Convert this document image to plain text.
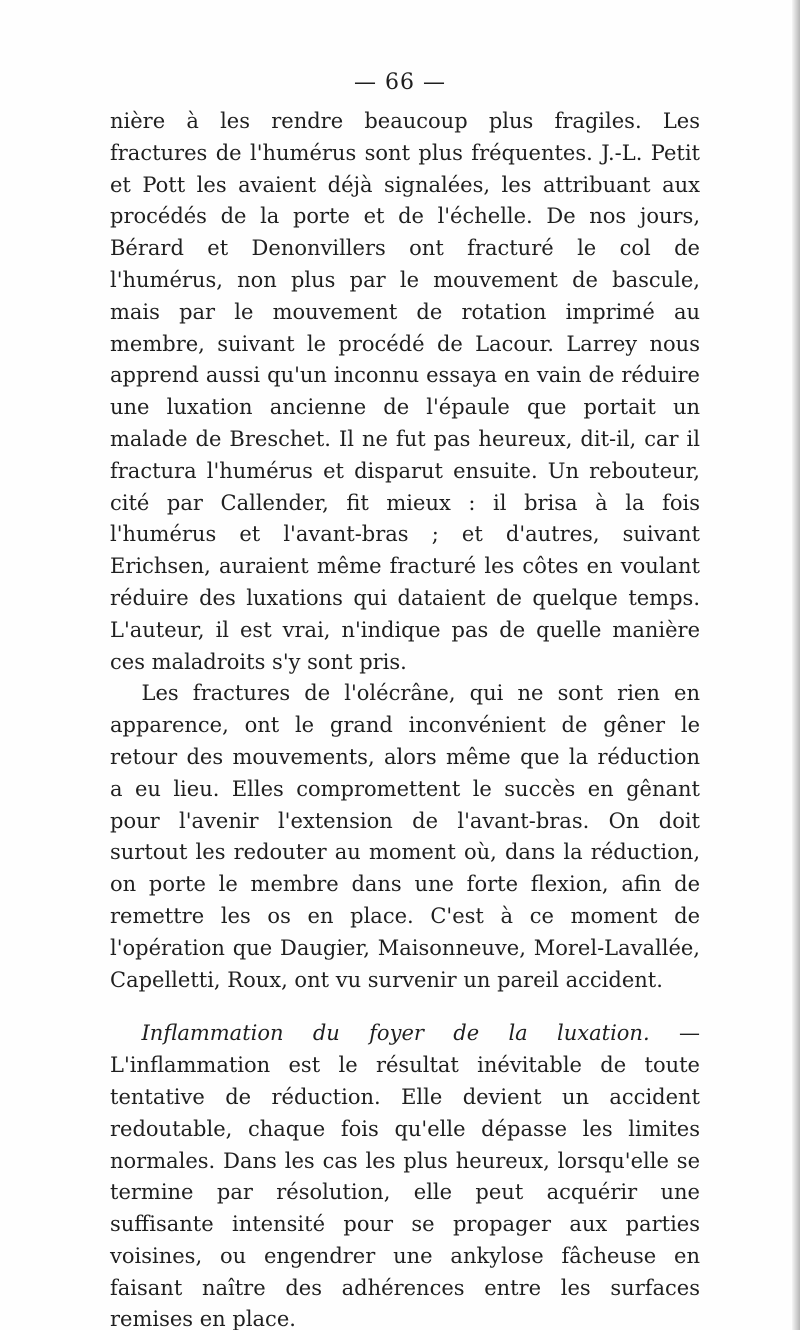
— 66 —

nière à les rendre beaucoup plus fragiles. Les fractures de l'humérus sont plus fréquentes. J.-L. Petit et Pott les avaient déjà signalées, les attribuant aux procédés de la porte et de l'échelle. De nos jours, Bérard et Denonvillers ont fracturé le col de l'humérus, non plus par le mouvement de bascule, mais par le mouvement de rotation imprimé au membre, suivant le procédé de Lacour. Larrey nous apprend aussi qu'un inconnu essaya en vain de réduire une luxation ancienne de l'épaule que portait un malade de Breschet. Il ne fut pas heureux, dit-il, car il fractura l'humérus et disparut ensuite. Un rebouteur, cité par Callender, fit mieux : il brisa à la fois l'humérus et l'avant-bras ; et d'autres, suivant Erichsen, auraient même fracturé les côtes en voulant réduire des luxations qui dataient de quelque temps. L'auteur, il est vrai, n'indique pas de quelle manière ces maladroits s'y sont pris.

Les fractures de l'olécrâne, qui ne sont rien en apparence, ont le grand inconvénient de gêner le retour des mouvements, alors même que la réduction a eu lieu. Elles compromettent le succès en gênant pour l'avenir l'extension de l'avant-bras. On doit surtout les redouter au moment où, dans la réduction, on porte le membre dans une forte flexion, afin de remettre les os en place. C'est à ce moment de l'opération que Daugier, Maisonneuve, Morel-Lavallée, Capelletti, Roux, ont vu survenir un pareil accident.

Inflammation du foyer de la luxation. — L'inflammation est le résultat inévitable de toute tentative de réduction. Elle devient un accident redoutable, chaque fois qu'elle dépasse les limites normales. Dans les cas les plus heureux, lorsqu'elle se termine par résolution, elle peut acquérir une suffisante intensité pour se propager aux parties voisines, ou engendrer une ankylose fâcheuse en faisant naître des adhérences entre les surfaces remises en place.
